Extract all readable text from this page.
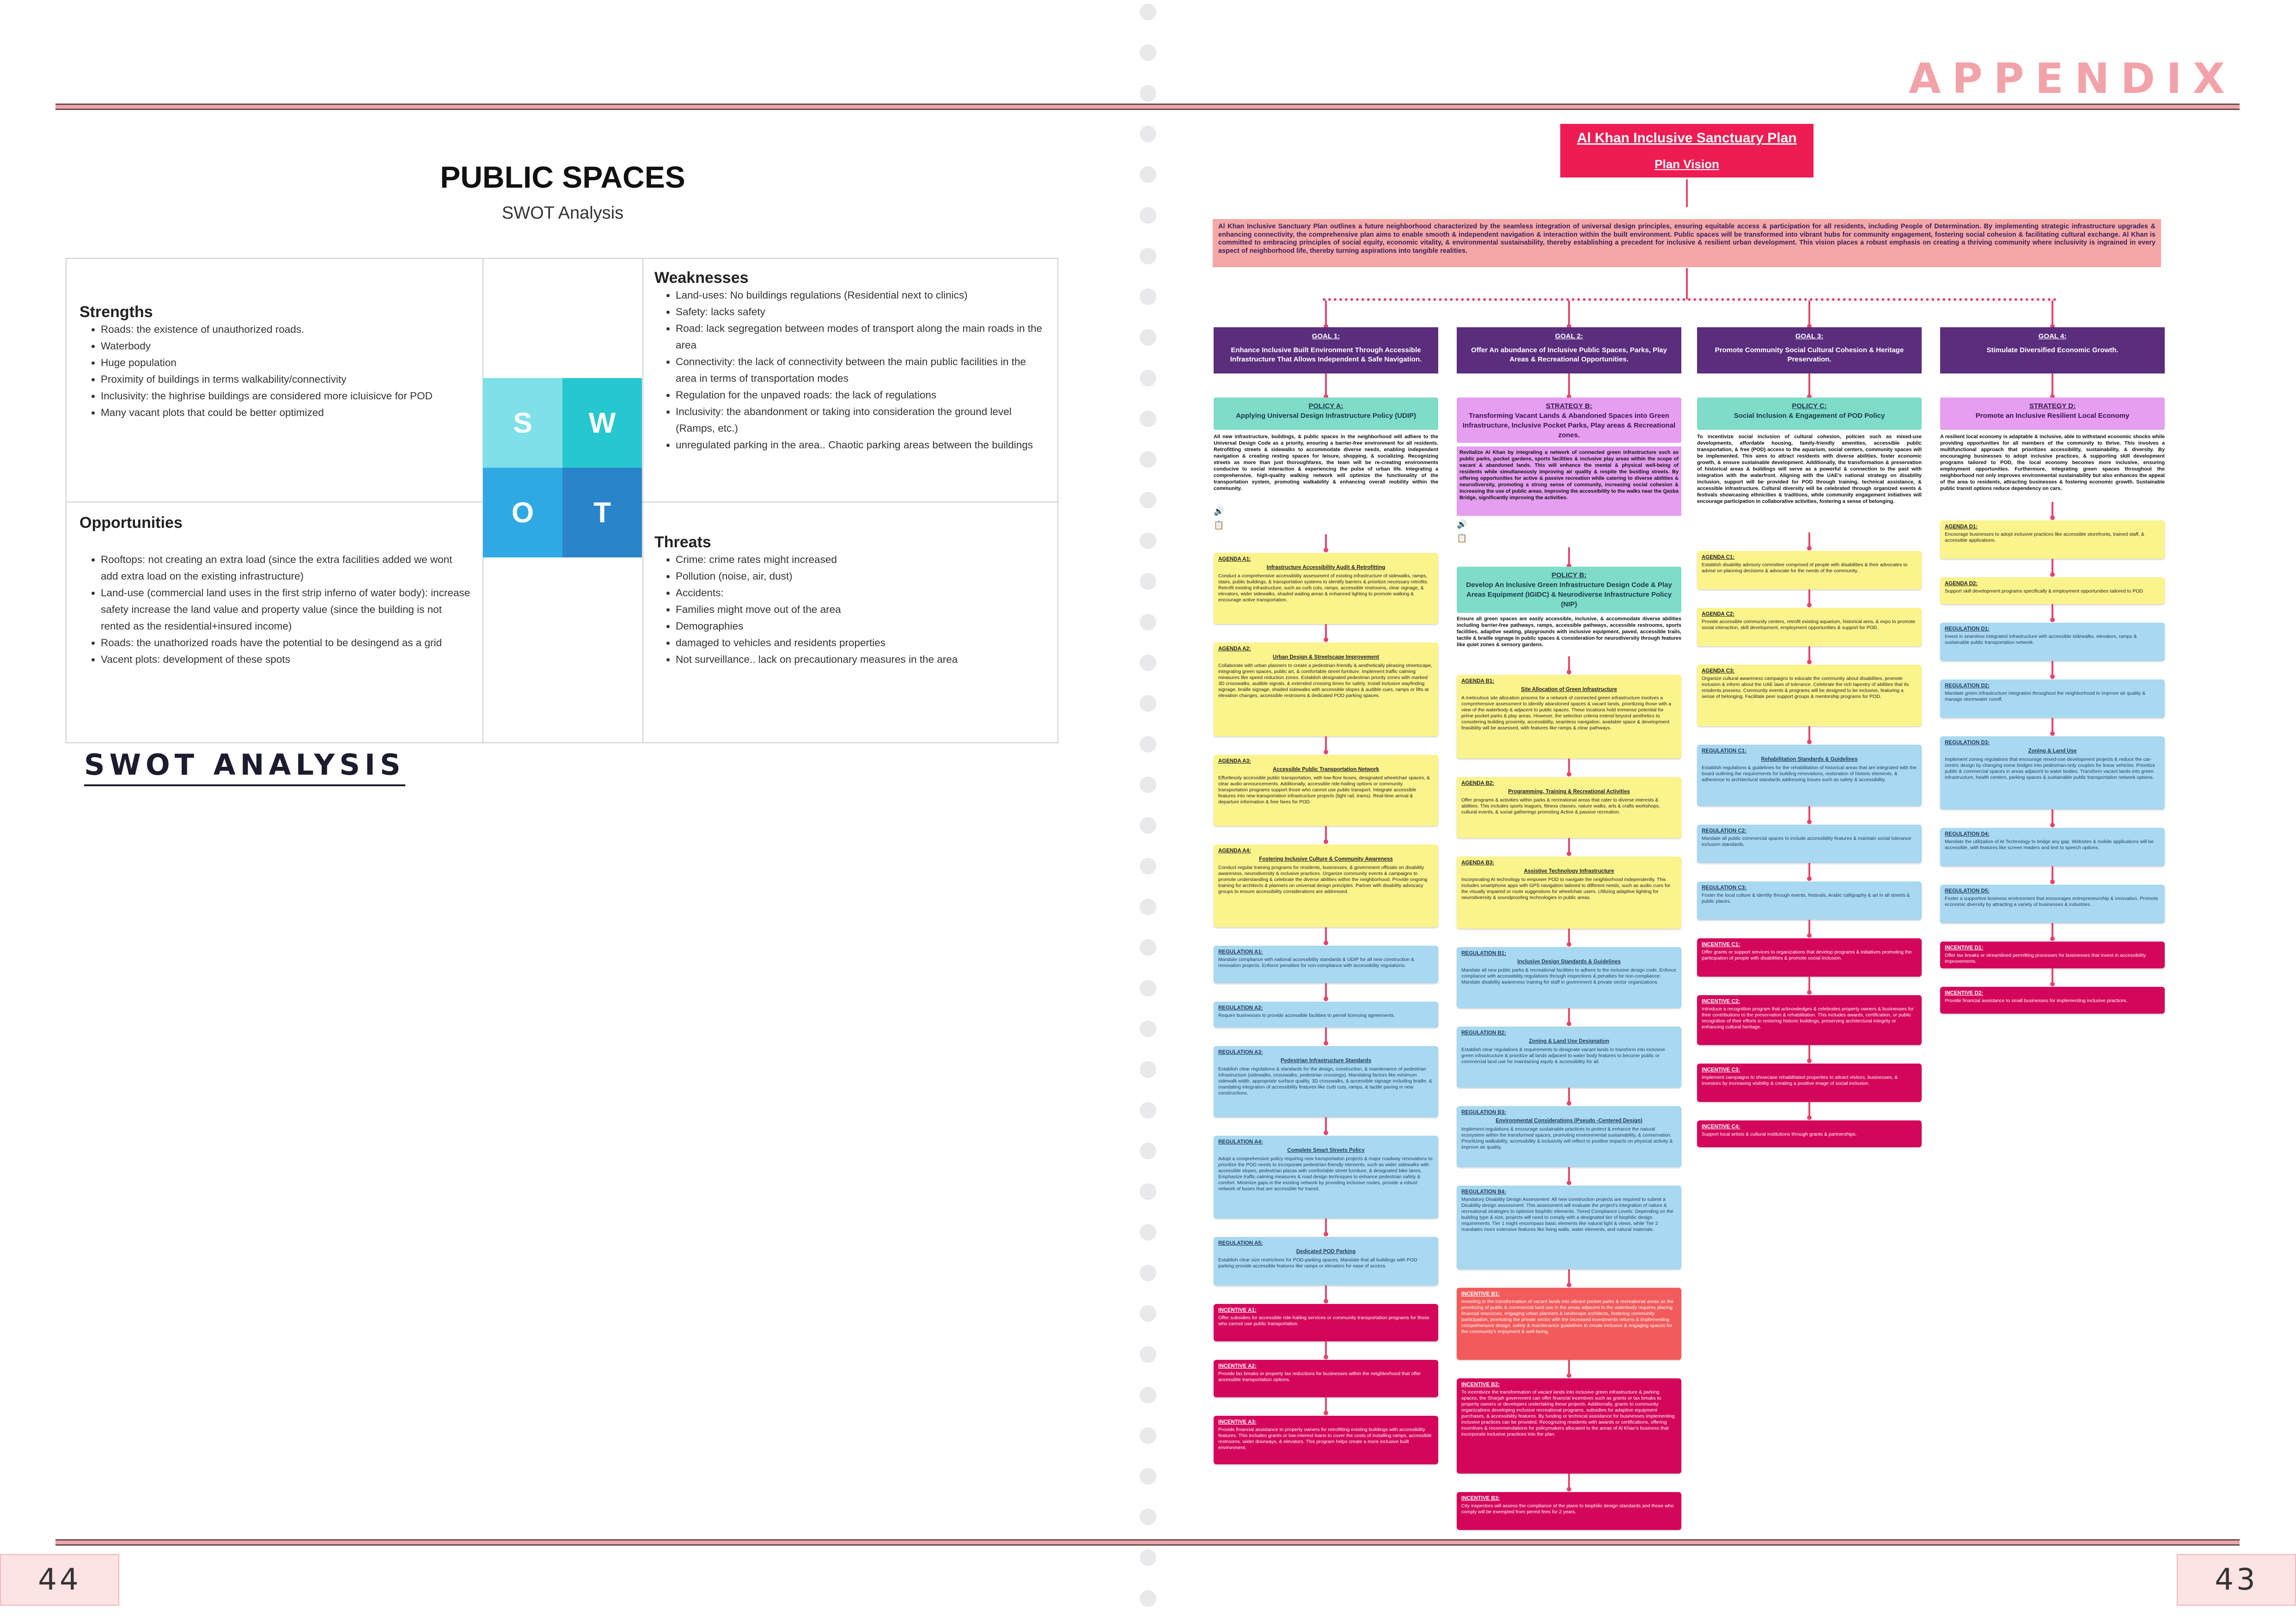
APPENDIX
PUBLIC SPACES
SWOT Analysis
Strengths
• Roads: the existence of unauthorized roads.
• Waterbody
• Huge population
• Proximity of buildings in terms walkability/connectivity
• Inclusivity: the highrise buildings are considered more icluisicve for POD
• Many vacant plots that could be better optimized
Weaknesses
• Land-uses: No buildings regulations (Residential next to clinics)
• Safety: lacks safety
• Road: lack segregation between modes of transport along the main roads in the area
• Connectivity: the lack of connectivity between the main public facilities in the area in terms of transportation modes
• Regulation for the unpaved roads: the lack of regulations
• Inclusivity: the abandonment or taking into consideration the ground level (Ramps, etc.)
• unregulated parking in the area.. Chaotic parking areas between the buildings
Opportunities
• Rooftops: not creating an extra load (since the extra facilities added we wont add extra load on the existing infrastructure)
• Land-use (commercial land uses in the first strip inferno of water body): increase safety increase the land value and property value (since the building is not rented as the residential+insured income)
• Roads: the unathorized roads have the potential to be desingend as a grid
• Vacent plots: development of these spots
Threats
• Crime: crime rates might increased
• Pollution (noise, air, dust)
• Accidents:
• Families might move out of the area
• Demographies
• damaged to vehicles and residents properties
• Not surveillance.. lack on precautionary measures in the area
S	W
O	T
SWOT ANALYSIS
44
Al Khan Inclusive Sanctuary Plan
Plan Vision
Al Khan Inclusive Sanctuary Plan outlines a future neighborhood characterized by the seamless integration of universal design principles, ensuring equitable access & participation for all residents, including People of Determination. By implementing strategic infrastructure upgrades & enhancing connectivity, the comprehensive plan aims to enable smooth & independent navigation & interaction within the built environment. Public spaces will be transformed into vibrant hubs for community engagement, fostering social cohesion & facilitating cultural exchange. Al Khan is committed to embracing principles of social equity, economic vitality, & environmental sustainability, thereby establishing a precedent for inclusive & resilient urban development. This vision places a robust emphasis on creating a thriving community where inclusivity is ingrained in every aspect of neighborhood life, thereby turning aspirations into tangible realities.
GOAL 1:
Enhance Inclusive Built Environment Through Accessible Infrastructure That Allows Independent & Safe Navigation.
POLICY A:
Applying Universal Design Infrastructure Policy (UDIP)
All new infrastructure, buildings, & public spaces in the neighborhood will adhere to the Universal Design Code as a priority, ensuring a barrier-free environment for all residents. Retrofitting streets & sidewalks to accommodate diverse needs, enabling independent navigation & creating resting spaces for leisure, shopping, & socializing. Recognizing streets as more than just thoroughfares, the team will be re-creating environments conducive to social interaction & experiencing the pulse of urban life. Integrating a comprehensive, high-quality walking network will optimize the functionality of the transportation system, promoting walkability & enhancing overall mobility within the community.
🔊
📋
AGENDA A1:
Infrastructure Accessibility Audit & Retrofitting
Conduct a comprehensive accessibility assessment of existing infrastructure of sidewalks, ramps, stairs, public buildings, & transportation systems to identify barriers & prioritize necessary retrofits. Retrofit existing infrastructure, such as curb cuts, ramps, accessible restrooms, clear signage, & elevators, wider sidewalks, shaded waiting areas & enhanced lighting to promote walking & encourage active transportation.
AGENDA A2:
Urban Design & Streetscape Improvement
Collaborate with urban planners to create a pedestrian-friendly & aesthetically pleasing streetscape, integrating green spaces, public art, & comfortable street furniture. Implement traffic calming measures like speed reduction zones. Establish designated pedestrian priority zones with marked 3D crosswalks, audible signals, & extended crossing times for safety. Install inclusive wayfinding signage, braille signage, shaded sidewalks with accessible slopes & audible cues, ramps or lifts at elevation changes, accessible restrooms & dedicated POD parking spaces.
AGENDA A3:
Accessible Public Transportation Network
Effortlessly accessible public transportation, with low-floor buses, designated wheelchair spaces, & clear audio announcements. Additionally, accessible ride-hailing options or community transportation programs support those who cannot use public transport. Integrate accessible features into new transportation infrastructure projects (light rail, trams). Real-time arrival & departure information & free fares for POD.
AGENDA A4:
Fostering Inclusive Culture & Community Awareness
Conduct regular training programs for residents, businesses, & government officials on disability awareness, neurodiversity & inclusive practices. Organize community events & campaigns to promote understanding & celebrate the diverse abilities within the neighborhood. Provide ongoing training for architects & planners on universal design principles. Partner with disability advocacy groups to ensure accessibility considerations are addressed.
REGULATION A1:
Mandate compliance with national accessibility standards & UDIP for all new construction & renovation projects. Enforce penalties for non-compliance with accessibility regulations.
REGULATION A2:
Require businesses to provide accessible facilities to permit licensing agreements.
REGULATION A3:
Pedestrian Infrastructure Standards
Establish clear regulations & standards for the design, construction, & maintenance of pedestrian infrastructure (sidewalks, crosswalks, pedestrian crossings). Mandating factors like minimum sidewalk width, appropriate surface quality, 3D crosswalks, & accessible signage including braille, & mandating integration of accessibility features like curb cuts, ramps, & tactile paving in new constructions.
REGULATION A4:
Complete Smart Streets Policy
Adopt a comprehensive policy requiring new transportation projects & major roadway renovations to prioritize the POD needs to incorporate pedestrian-friendly elements, such as wider sidewalks with accessible slopes, pedestrian plazas with comfortable street furniture, & designated bike lanes. Emphasize traffic calming measures & road design techniques to enhance pedestrian safety & comfort. Minimize gaps in the existing network by providing inclusive routes, provide a robust network of buses that are accessible for transit.
REGULATION A5:
Dedicated POD Parking
Establish clear size restrictions for POD-parking spaces. Mandate that all buildings with POD parking provide accessible features like ramps or elevators for ease of access.
INCENTIVE A1:
Offer subsidies for accessible ride-hailing services or community transportation programs for those who cannot use public transportation.
INCENTIVE A2:
Provide tax breaks or property tax reductions for businesses within the neighborhood that offer accessible transportation options.
INCENTIVE A3:
Provide financial assistance to property owners for retrofitting existing buildings with accessibility features. This includes grants or low-interest loans to cover the costs of installing ramps, accessible restrooms, wider doorways, & elevators. This program helps create a more inclusive built environment.
GOAL 2:
Offer An abundance of Inclusive Public Spaces, Parks, Play Areas & Recreational Opportunities.
STRATEGY B:
Transforming Vacant Lands & Abandoned Spaces into Green Infrastructure, Inclusive Pocket Parks, Play areas & Recreational zones.
Revitalize Al Khan by integrating a network of connected green infrastructure such as public parks, pocket gardens, sports facilities & inclusive play areas within the scope of vacant & abandoned lands. This will enhance the mental & physical well-being of residents while simultaneously improving air quality & respite the bustling streets. By offering opportunities for active & passive recreation while catering to diverse abilities & neurodiversity, promoting a strong sense of community, increasing social cohesion & increasing the use of public areas. Improving the accessibility to the walks near the Qasba Bridge, significantly improving the activities.
🔊
📋
POLICY B:
Develop An Inclusive Green Infrastructure Design Code & Play Areas Equipment (IGIDC) & Neurodiverse Infrastructure Policy (NIP)
Ensure all green spaces are easily accessible, inclusive, & accommodate diverse abilities including barrier-free pathways, ramps, accessible pathways, accessible restrooms, sports facilities, adaptive seating, playgrounds with inclusive equipment, paved, accessible trails, tactile & braille signage in public spaces & consideration for neurodiversity through features like quiet zones & sensory gardens.
AGENDA B1:
Site Allocation of Green Infrastructure
A meticulous site allocation process for a network of connected green infrastructure involves a comprehensive assessment to identify abandoned spaces & vacant lands, prioritizing those with a view of the waterbody & adjacent to public spaces. These locations hold immense potential for prime pocket parks & play areas. However, the selection criteria extend beyond aesthetics to considering building proximity, accessibility, seamless navigation, available space & development feasibility will be assessed, with features like ramps & clear pathways.
AGENDA B2:
Programming, Training & Recreational Activities
Offer programs & activities within parks & recreational areas that cater to diverse interests & abilities. This includes sports leagues, fitness classes, nature walks, arts & crafts workshops, cultural events, & social gatherings promoting Active & passive recreation.
AGENDA B3:
Assistive Technology Infrastructure
Incorporating AI technology to empower POD to navigate the neighborhood independently. This includes smartphone apps with GPS navigation tailored to different needs, such as audio cues for the visually impaired or route suggestions for wheelchair users. Utilizing adaptive lighting for neurodiversity & soundproofing technologies in public areas.
REGULATION B1:
Inclusive Design Standards & Guidelines
Mandate all new public parks & recreational facilities to adhere to the inclusive design code. Enforce compliance with accessibility regulations through inspections & penalties for non-compliance. Mandate disability awareness training for staff in government & private sector organizations.
REGULATION B2:
Zoning & Land Use Designation
Establish clear regulations & requirements to designate vacant lands to transform into inclusive green infrastructure & prioritize all lands adjacent to water body features to become public or commercial land use for maintaining equity & accessibility for all.
REGULATION B3:
Environmental Considerations (Pseudo -Centered Design)
Implement regulations & encourage sustainable practices to protect & enhance the natural ecosystem within the transformed spaces, promoting environmental sustainability, & conservation. Prioritizing walkability, accessibility & inclusivity will reflect to positive impacts on physical activity & improve air quality.
REGULATION B4:
Mandatory Disability Design Assessment: All new construction projects are required to submit a Disability design assessment. This assessment will evaluate the project's integration of nature & recreational strategies to optimize biophilic elements. Tiered Compliance Levels: Depending on the building type & size, projects will need to comply with a designated tier of biophilic design requirements. Tier 1 might encompass basic elements like natural light & views, while Tier 2 mandates more extensive features like living walls, water elements, and natural materials.
INCENTIVE B1:
Investing in the transformation of vacant lands into vibrant pocket parks & recreational areas as the prioritizing of public & commercial land use in the areas adjacent to the waterbody requires placing financial resources, engaging urban planners & landscape architects, fostering community participation, promoting the private sector with the increased investments returns & implementing comprehensive design, safety & maintenance guidelines to create inclusive & engaging spaces for the community's enjoyment & well-being.
INCENTIVE B2:
To incentivize the transformation of vacant lands into inclusive green infrastructure & parking spaces, the Sharjah government can offer financial incentives such as grants or tax breaks to property owners or developers undertaking these projects. Additionally, grants to community organizations developing inclusive recreational programs, subsidies for adaptive equipment purchases, & accessibility features. By funding or technical assistance for businesses implementing inclusive practices can be provided. Recognizing residents with awards or certifications, offering incentives & recommendations for policymakers allocated to the areas of Al Khan's business that incorporate inclusive practices into the plan.
INCENTIVE B3:
City inspectors will assess the compliance of the plans to biophilic design standards and those who comply will be exempted from permit fees for 2 years.
GOAL 3:
Promote Community Social Cultural Cohesion & Heritage Preservation.
POLICY C:
Social Inclusion & Engagement of POD Policy
To incentivize social inclusion of cultural cohesion, policies such as mixed-use developments, affordable housing, family-friendly amenities, accessible public transportation, & free (POD) access to the aquarium, social centers, community spaces will be implemented. This aims to attract residents with diverse abilities, foster economic growth, & ensure sustainable development. Additionally, the transformation & preservation of historical areas & buildings will serve as a powerful & connection to the past with integration with the waterfront. Aligning with the UAE's national strategy on disability inclusion, support will be provided for POD through training, technical assistance, & accessible infrastructure. Cultural diversity will be celebrated through organized events & festivals showcasing ethnicities & traditions, while community engagement initiatives will encourage participation in collaborative activities, fostering a sense of belonging.
AGENDA C1:
Establish disability advisory committee comprised of people with disabilities & their advocates to advise on planning decisions & advocate for the needs of the community.
AGENDA C2:
Provide accessible community centers, retrofit existing aquarium, historical area, & expo to promote social interaction, skill development, employment opportunities & support for POD.
AGENDA C3:
Organize cultural awareness campaigns to educate the community about disabilities, promote inclusion & inform about the UAE laws of tolerance. Celebrate the rich tapestry of abilities that its residents possess. Community events & programs will be designed to be inclusive, featuring a sense of belonging. Facilitate peer support groups & mentorship programs for POD.
REGULATION C1:
Rehabilitation Standards & Guidelines
Establish regulations & guidelines for the rehabilitation of historical areas that are integrated with the board outlining the requirements for building renovations, restoration of historic elements, & adherence to architectural standards addressing issues such as safety & accessibility.
REGULATION C2:
Mandate all public commercial spaces to include accessibility features & maintain social tolerance inclusion standards.
REGULATION C3:
Foster the local culture & identity through events, festivals, Arabic calligraphy & art in all streets & public places.
INCENTIVE C1:
Offer grants or support services to organizations that develop programs & initiatives promoting the participation of people with disabilities & promote social inclusion.
INCENTIVE C2:
Introduce a recognition program that acknowledges & celebrates property owners & businesses for their contributions to the preservation & rehabilitation. This includes awards, certification, or public recognition of their efforts in restoring historic buildings, preserving architectural integrity or enhancing cultural heritage.
INCENTIVE C3:
Implement campaigns to showcase rehabilitated properties to attract visitors, businesses, & investors by increasing visibility & creating a positive image of social inclusion.
INCENTIVE C4:
Support local artists & cultural institutions through grants & partnerships.
GOAL 4:
Stimulate Diversified Economic Growth.
STRATEGY D:
Promote an Inclusive Resilient Local Economy
A resilient local economy is adaptable & inclusive, able to withstand economic shocks while providing opportunities for all members of the community to thrive. This involves a multifunctional approach that prioritizes accessibility, sustainability, & diversity. By encouraging businesses to adopt inclusive practices, & supporting skill development programs tailored to POD, the local economy becomes more inclusive, ensuring employment opportunities. Furthermore, integrating green spaces throughout the neighborhood not only improves environmental sustainability but also enhances the appeal of the area to residents, attracting businesses & fostering economic growth. Sustainable public transit options reduce dependency on cars.
AGENDA D1:
Encourage businesses to adopt inclusive practices like accessible storefronts, trained staff, & accessible applications.
AGENDA D2:
Support skill development programs specifically & employment opportunities tailored to POD
REGULATION D1:
Invest in seamless integrated infrastructure with accessible sidewalks, elevators, ramps & sustainable public transportation network.
REGULATION D2:
Mandate green infrastructure integration throughout the neighborhood to improve air quality & manage stormwater runoff.
REGULATION D3:
Zoning & Land Use
Implement zoning regulations that encourage mixed-use development projects & reduce the car-centric design by changing some bridges into pedestrian-only couples for linear vehicles. Prioritize public & commercial spaces in areas adjacent to water bodies. Transform vacant lands into green infrastructure, health centers, parking spaces & sustainable public transportation network options.
REGULATION D4:
Mandate the utilization of AI Technology to bridge any gap. Websites & mobile applications will be accessible, with features like screen readers and text to speech options.
REGULATION D5:
Foster a supportive business environment that encourages entrepreneurship & innovation. Promote economic diversity by attracting a variety of businesses & industries.
INCENTIVE D1:
Offer tax breaks or streamlined permitting processes for businesses that invest in accessibility improvements.
INCENTIVE D2:
Provide financial assistance to small businesses for implementing inclusive practices.
43
